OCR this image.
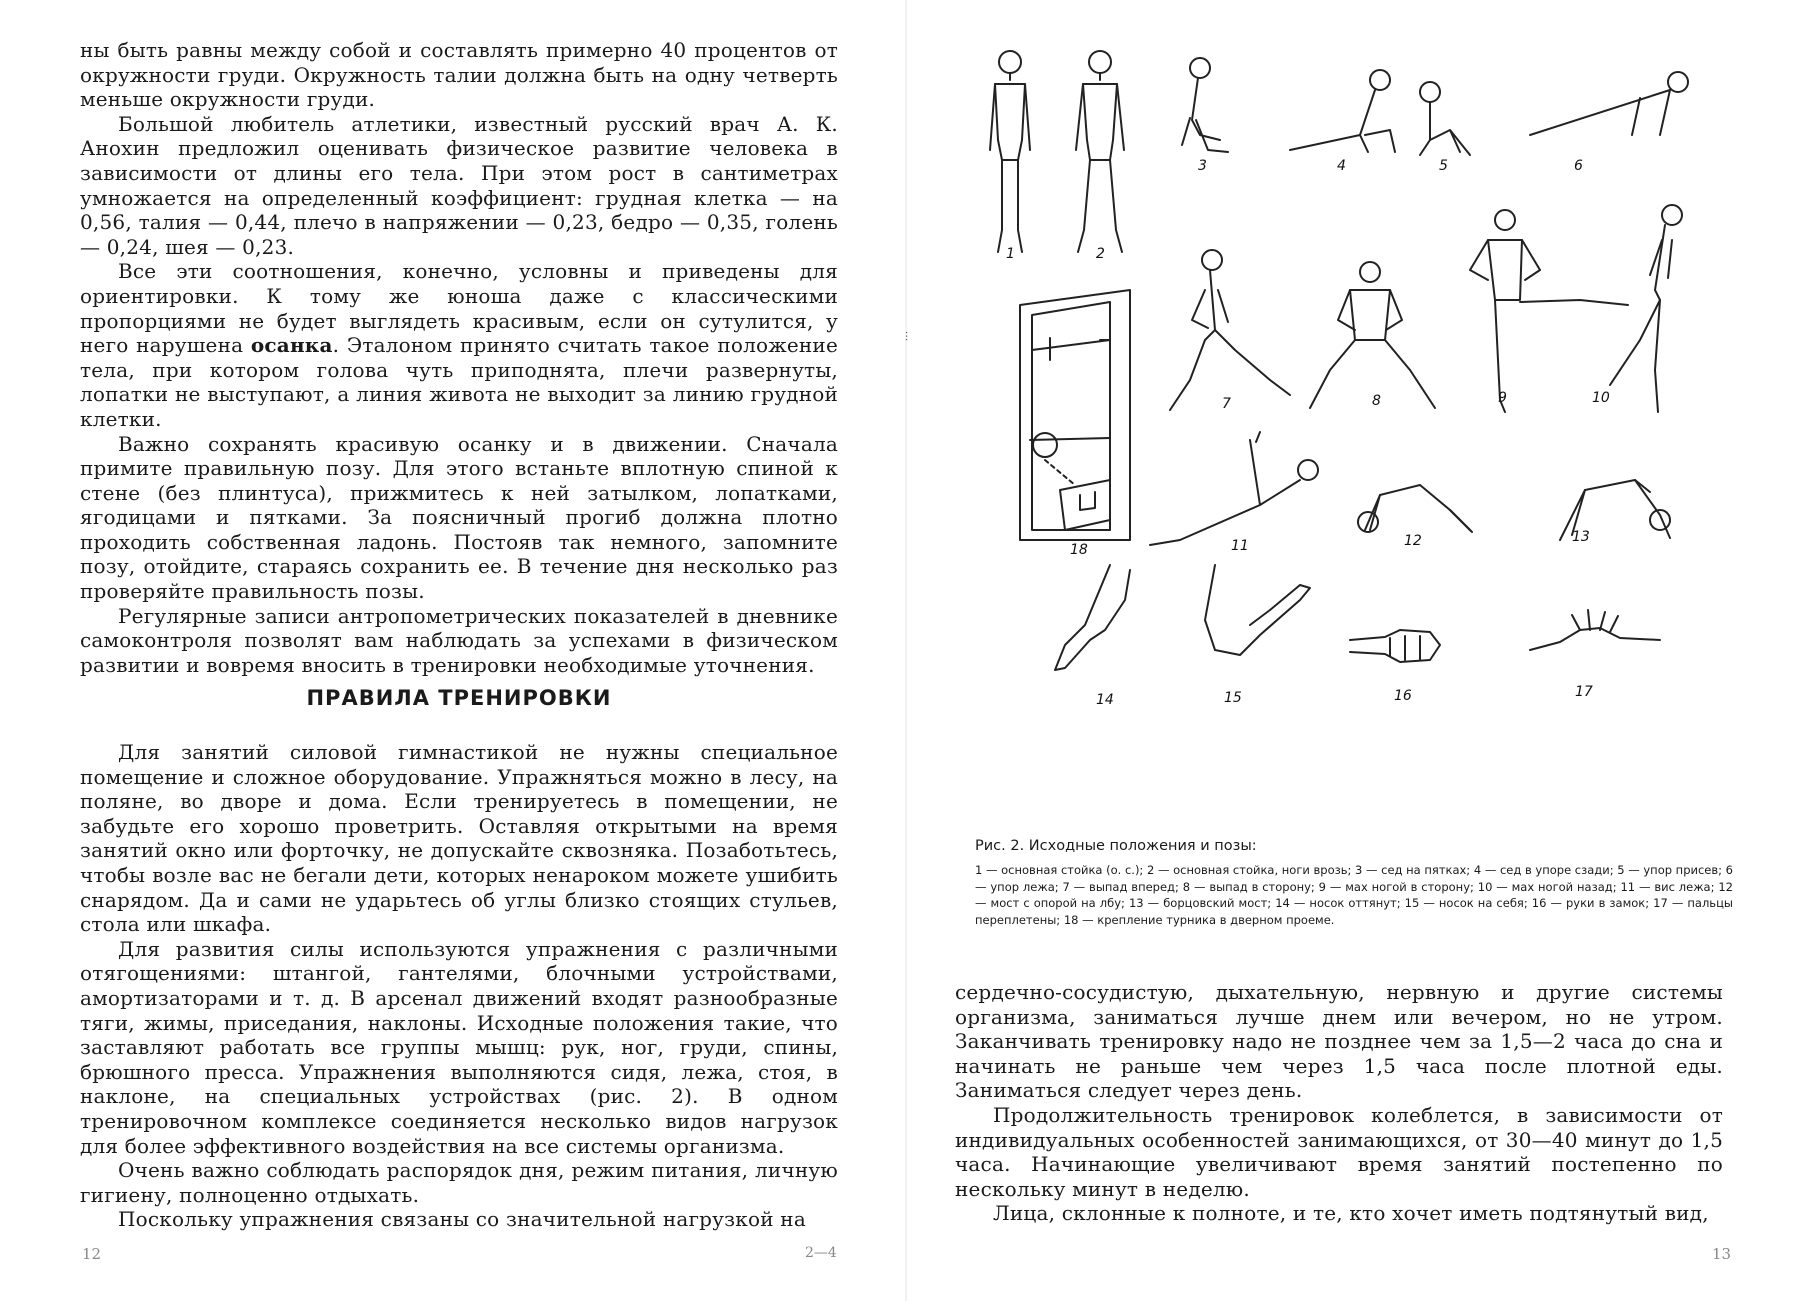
ны быть равны между собой и составлять примерно 40 процентов от окружности груди. Окружность талии должна быть на одну четверть меньше окружности груди.

Большой любитель атлетики, известный русский врач А. К. Анохин предложил оценивать физическое развитие человека в зависимости от длины его тела. При этом рост в сантиметрах умножается на определенный коэффициент: грудная клетка — на 0,56, талия — 0,44, плечо в напряжении — 0,23, бедро — 0,35, голень — 0,24, шея — 0,23.

Все эти соотношения, конечно, условны и приведены для ориентировки. К тому же юноша даже с классическими пропорциями не будет выглядеть красивым, если он сутулится, у него нарушена осанка. Эталоном принято считать такое положение тела, при котором голова чуть приподнята, плечи развернуты, лопатки не выступают, а линия живота не выходит за линию грудной клетки.

Важно сохранять красивую осанку и в движении. Сначала примите правильную позу. Для этого встаньте вплотную спиной к стене (без плинтуса), прижмитесь к ней затылком, лопатками, ягодицами и пятками. За поясничный прогиб должна плотно проходить собственная ладонь. Постояв так немного, запомните позу, отойдите, стараясь сохранить ее. В течение дня несколько раз проверяйте правильность позы.

Регулярные записи антропометрических показателей в дневнике самоконтроля позволят вам наблюдать за успехами в физическом развитии и вовремя вносить в тренировки необходимые уточнения.

ПРАВИЛА ТРЕНИРОВКИ

Для занятий силовой гимнастикой не нужны специальное помещение и сложное оборудование. Упражняться можно в лесу, на поляне, во дворе и дома. Если тренируетесь в помещении, не забудьте его хорошо проветрить. Оставляя открытыми на время занятий окно или форточку, не допускайте сквозняка. Позаботьтесь, чтобы возле вас не бегали дети, которых ненароком можете ушибить снарядом. Да и сами не ударьтесь об углы близко стоящих стульев, стола или шкафа.

Для развития силы используются упражнения с различными отягощениями: штангой, гантелями, блочными устройствами, амортизаторами и т. д. В арсенал движений входят разнообразные тяги, жимы, приседания, наклоны. Исходные положения такие, что заставляют работать все группы мышц: рук, ног, груди, спины, брюшного пресса. Упражнения выполняются сидя, лежа, стоя, в наклоне, на специальных устройствах (рис. 2). В одном тренировочном комплексе соединяется несколько видов нагрузок для более эффективного воздействия на все системы организма.

Очень важно соблюдать распорядок дня, режим питания, личную гигиену, полноценно отдыхать.

Поскольку упражнения связаны со значительной нагрузкой на

12	2—4
⫶
1	2
3	4	5	6
7	8	9	10
18	11	12	13
14	15	16	17
Рис. 2. Исходные положения и позы:
1 — основная стойка (о. с.); 2 — основная стойка, ноги врозь; 3 — сед на пятках; 4 — сед в упоре сзади; 5 — упор присев; 6 — упор лежа; 7 — выпад вперед; 8 — выпад в сторону; 9 — мах ногой в сторону; 10 — мах ногой назад; 11 — вис лежа; 12 — мост с опорой на лбу; 13 — борцовский мост; 14 — носок оттянут; 15 — носок на себя; 16 — руки в замок; 17 — пальцы переплетены; 18 — крепление турника в дверном проеме.

сердечно-сосудистую, дыхательную, нервную и другие системы организма, заниматься лучше днем или вечером, но не утром. Заканчивать тренировку надо не позднее чем за 1,5—2 часа до сна и начинать не раньше чем через 1,5 часа после плотной еды. Заниматься следует через день.

Продолжительность тренировок колеблется, в зависимости от индивидуальных особенностей занимающихся, от 30—40 минут до 1,5 часа. Начинающие увеличивают время занятий постепенно по нескольку минут в неделю.

Лица, склонные к полноте, и те, кто хочет иметь подтянутый вид,

13
